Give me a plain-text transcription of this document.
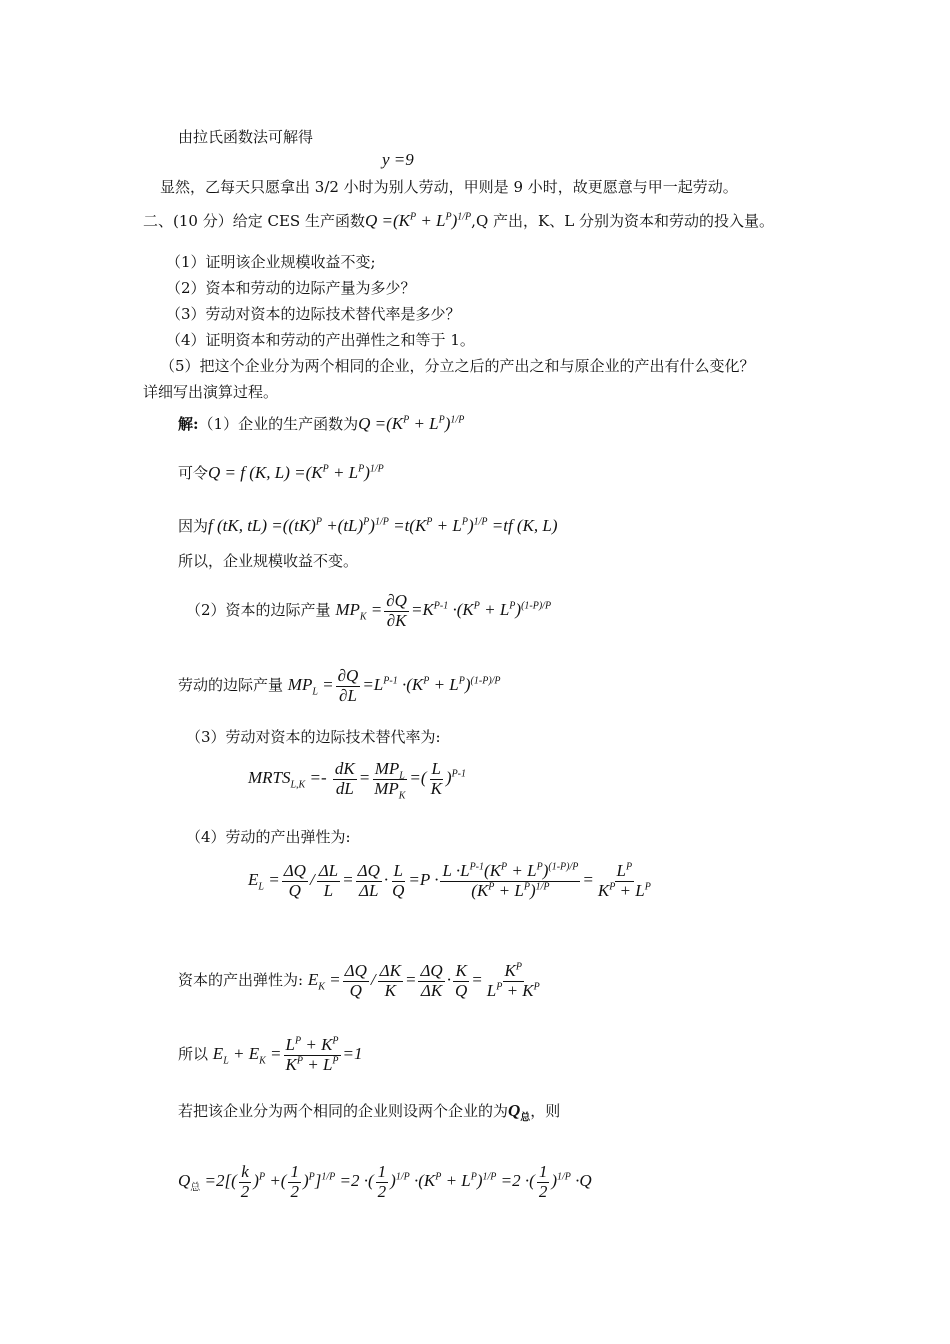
由拉氏函数法可解得
y =9
显然，乙每天只愿拿出 3/2 小时为别人劳动，甲则是 9 小时，故更愿意与甲一起劳动。
二、(10 分）给定 CES 生产函数$Q =(K^P + L^P)^{1/P},Q$ 产出，K、L 分别为资本和劳动的投入量。
（1）证明该企业规模收益不变;
（2）资本和劳动的边际产量为多少？
（3）劳动对资本的边际技术替代率是多少？
（4）证明资本和劳动的产出弹性之和等于 1。
（5）把这个企业分为两个相同的企业，分立之后的产出之和与原企业的产出有什么变化？
详细写出演算过程。
解:（1）企业的生产函数为$Q =(K^P + L^P)^{1/P}$
可令Q = f (K, $L) =(K^P + L^P)^{1/P}$
因为f (tK, $tL) =((tK)^P +(tL)^P)^{1/P} =t(K^P + L^P)^{1/P} =tf$ (K, L)
所以，企业规模收益不变。
（2）资本的边际产量 $MP_K = \frac{\partial Q}{\partial K} =K^{P-1} \cdot(K^P + L^P)^{(1-P)/P}$
劳动的边际产量 $MP_L = \frac{\partial Q}{\partial L} =L^{P-1} \cdot(K^P + L^P)^{(1-P)/P}$
（3）劳动对资本的边际技术替代率为:
$MRTS_{L,K} =- \frac{dK}{dL} = \frac{MP_L}{MP_K}$ =( $\frac{L}{K} )^{P-1}$
（4）劳动的产出弹性为:
$E_L = \frac{\Delta Q}{Q} / \frac{\Delta L}{L} = \frac{\Delta Q}{\Delta L} \cdot \frac{L}{Q} =P \cdot \frac{L \cdot L^{P-1}(K^P + L^P)^{(1-P)/P}}{(K^P + L^P)^{1/P}} = \frac{L^P}{K^P + L^P}$
资本的产出弹性为: $E_K = \frac{\Delta Q}{Q} / \frac{\Delta K}{K} = \frac{\Delta Q}{\Delta K} \cdot \frac{K}{Q} = \frac{K^P}{L^P + K^P}$
所以 $E_L + E_K = \frac{L^P + K^P}{K^P + L^P} =1$
若把该企业分为两个相同的企业则设两个企业的为$Q_总$，则
$Q_总 =2[( \frac{k}{2} )^P$ +( $\frac{1}{2} )^P]^{1/P} =2$ ·( $\frac{1}{2} )^{1/P} \cdot(K^P + L^P)^{1/P} =2$ ·( $\frac{1}{2} )^{1/P} \cdot Q$
